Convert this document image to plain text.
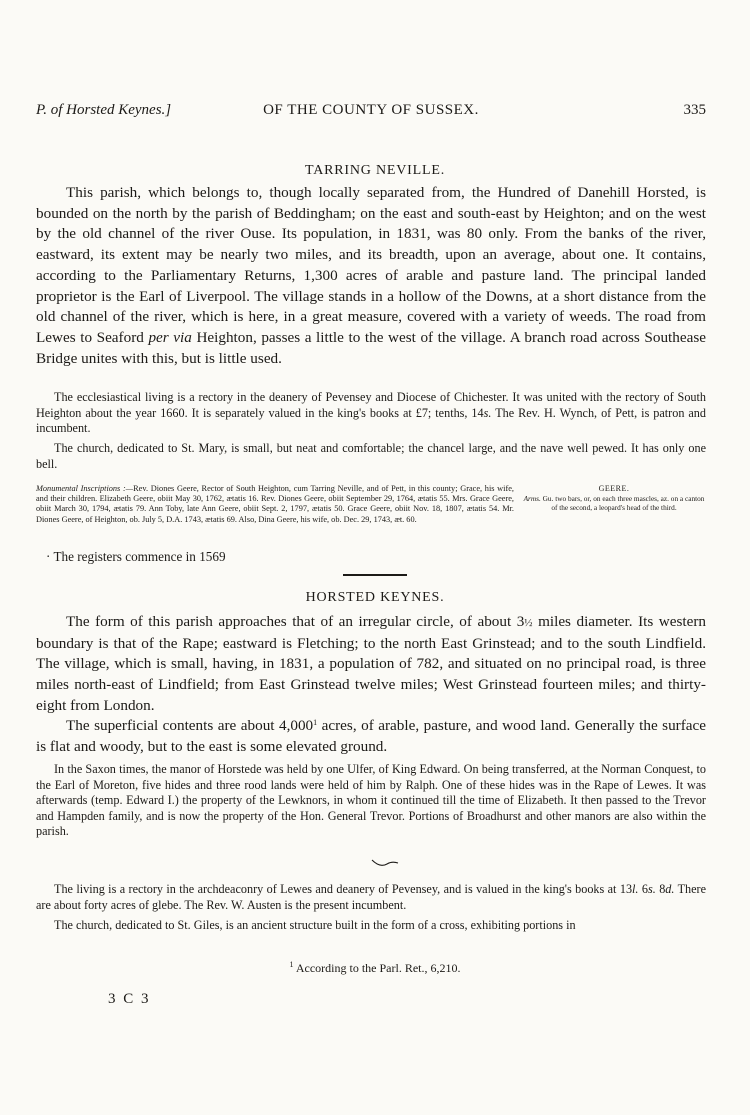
P. of Horsted Keynes.]	OF THE COUNTY OF SUSSEX.	335
TARRING NEVILLE.

This parish, which belongs to, though locally separated from, the Hundred of Danehill Horsted, is bounded on the north by the parish of Beddingham; on the east and south-east by Heighton; and on the west by the old channel of the river Ouse. Its population, in 1831, was 80 only. From the banks of the river, eastward, its extent may be nearly two miles, and its breadth, upon an average, about one. It contains, according to the Parliamentary Returns, 1,300 acres of arable and pasture land. The principal landed proprietor is the Earl of Liverpool. The village stands in a hollow of the Downs, at a short distance from the old channel of the river, which is here, in a great measure, covered with a variety of weeds. The road from Lewes to Seaford per via Heighton, passes a little to the west of the village. A branch road across Southease Bridge unites with this, but is little used.

The ecclesiastical living is a rectory in the deanery of Pevensey and Diocese of Chichester. It was united with the rectory of South Heighton about the year 1660. It is separately valued in the king's books at £7; tenths, 14s. The Rev. H. Wynch, of Pett, is patron and incumbent.

The church, dedicated to St. Mary, is small, but neat and comfortable; the chancel large, and the nave well pewed. It has only one bell.

Monumental Inscriptions :—Rev. Diones Geere, Rector of South Heighton, cum Tarring Neville, and of Pett, in this county; Grace, his wife, and their children. Elizabeth Geere, obiit May 30, 1762, ætatis 16. Rev. Diones Geere, obiit September 29, 1764, ætatis 55. Mrs. Grace Geere, obiit March 30, 1794, ætatis 79. Ann Toby, late Ann Geere, obiit Sept. 2, 1797, ætatis 50. Grace Geere, obiit Nov. 18, 1807, ætatis 54. Mr. Diones Geere, of Heighton, ob. July 5, D.A. 1743, ætatis 69. Also, Dina Geere, his wife, ob. Dec. 29, 1743, æt. 60.

GEERE.
Arms. Gu. two bars, or, on each three mascles, az. on a canton of the second, a leopard's head of the third.

· The registers commence in 1569

HORSTED KEYNES.

The form of this parish approaches that of an irregular circle, of about 3½ miles diameter. Its western boundary is that of the Rape; eastward is Fletching; to the north East Grinstead; and to the south Lindfield. The village, which is small, having, in 1831, a population of 782, and situated on no principal road, is three miles north-east of Lindfield; from East Grinstead twelve miles; West Grinstead fourteen miles; and thirty-eight from London.

The superficial contents are about 4,000$^1$ acres, of arable, pasture, and wood land. Generally the surface is flat and woody, but to the east is some elevated ground.

In the Saxon times, the manor of Horstede was held by one Ulfer, of King Edward. On being transferred, at the Norman Conquest, to the Earl of Moreton, five hides and three rood lands were held of him by Ralph. One of these hides was in the Rape of Lewes. It was afterwards (temp. Edward I.) the property of the Lewknors, in whom it continued till the time of Elizabeth. It then passed to the Trevor and Hampden family, and is now the property of the Hon. General Trevor. Portions of Broadhurst and other manors are also within the parish.

The living is a rectory in the archdeaconry of Lewes and deanery of Pevensey, and is valued in the king's books at 13l. 6s. 8d. There are about forty acres of glebe. The Rev. W. Austen is the present incumbent.

The church, dedicated to St. Giles, is an ancient structure built in the form of a cross, exhibiting portions in

$^1$ According to the Parl. Ret., 6,210.
3 C 3
